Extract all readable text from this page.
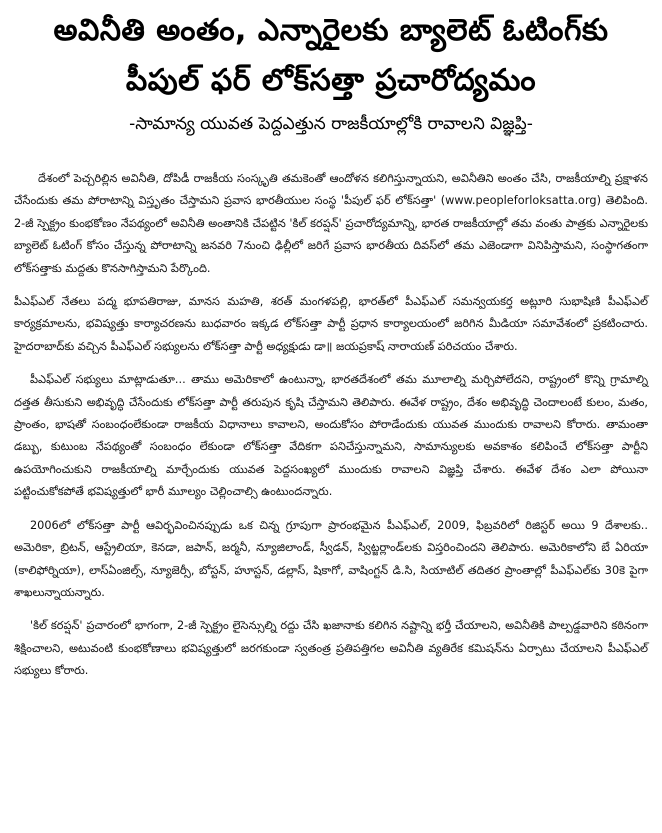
అవినీతి అంతం, ఎన్నారైలకు బ్యాలెట్ ఓటింగ్‌కు
పీపుల్ ఫర్ లోక్‌సత్తా ప్రచారోద్యమం
-సామాన్య యువత పెద్దఎత్తున రాజకీయాల్లోకి రావాలని విజ్ఞప్తి-

దేశంలో పెచ్చరిల్లిన అవినీతి, దోపిడీ రాజకీయ సంస్కృతి తమకెంతో ఆందోళన కలిగిస్తున్నాయని, అవినీతిని అంతం చేసి, రాజకీయాల్ని ప్రక్షాళన చేసేందుకు తమ పోరాటాన్ని విస్తృతం చేస్తామని ప్రవాస భారతీయుల సంస్థ 'పీపుల్ ఫర్ లోక్‌సత్తా' (www.peopleforloksatta.org) తెలిపింది. 2-జీ స్పెక్ట్రం కుంభకోణం నేపథ్యంలో అవినీతి అంతానికి చేపట్టిన 'కిల్ కరప్షన్' ప్రచారోద్యమాన్ని, భారత రాజకీయాల్లో తమ వంతు పాత్రకు ఎన్నారైలకు బ్యాలెట్ ఓటింగ్ కోసం చేస్తున్న పోరాటాన్ని జనవరి 7నుంచి ఢిల్లీలో జరిగే ప్రవాస భారతీయ దివస్‌లో తమ ఎజెండాగా వినిపిస్తామని, సంస్థాగతంగా లోక్‌సత్తాకు మద్దతు కొనసాగిస్తామని పేర్కొంది.

పీఎఫ్ఎల్ నేతలు పద్మ భూపతిరాజు, మానస మహతి, శరత్ మంగళపల్లి, భారత్‌లో పీఎఫ్ఎల్ సమన్వయకర్త అట్లూరి సుభాషిణి పీఎఫ్ఎల్ కార్యక్రమాలను, భవిష్యత్తు కార్యాచరణను బుధవారం ఇక్కడ లోక్‌సత్తా పార్టీ ప్రధాన కార్యాలయంలో జరిగిన మీడియా సమావేశంలో ప్రకటించారు. హైదరాబాద్‌కు వచ్చిన పీఎఫ్ఎల్ సభ్యులను లోక్‌సత్తా పార్టీ అధ్యక్షుడు డా॥ జయప్రకాష్ నారాయణ్ పరిచయం చేశారు.

పీఎఫ్ఎల్ సభ్యులు మాట్లాడుతూ... తాము అమెరికాలో ఉంటున్నా, భారతదేశంలో తమ మూలాల్ని మర్చిపోలేదని, రాష్ట్రంలో కొన్ని గ్రామాల్ని దత్తత తీసుకుని అభివృద్ధి చేసేందుకు లోక్‌సత్తా పార్టీ తరుపున కృషి చేస్తామని తెలిపారు. ఈవేళ రాష్ట్రం, దేశం అభివృద్ధి చెందాలంటే కులం, మతం, ప్రాంతం, భాషతో సంబంధంలేకుండా రాజకీయ విధానాలు కావాలని, అందుకోసం పోరాడేందుకు యువత ముందుకు రావాలని కోరారు. తామంతా డబ్బు, కుటుంబ నేపథ్యంతో సంబంధం లేకుండా లోక్‌సత్తా వేదికగా పనిచేస్తున్నామని, సామాన్యులకు అవకాశం కలిపించే లోక్‌సత్తా పార్టీని ఉపయోగించుకుని రాజకీయాల్ని మార్చేందుకు యువత పెద్దసంఖ్యలో ముందుకు రావాలని విజ్ఞప్తి చేశారు. ఈవేళ దేశం ఎలా పోయినా పట్టించుకోకపోతే భవిష్యత్తులో భారీ మూల్యం చెల్లించాల్సి ఉంటుందన్నారు.

2006లో లోక్‌సత్తా పార్టీ ఆవిర్భవించినప్పుడు ఒక చిన్న గ్రూపుగా ప్రారంభమైన పీఎఫ్ఎల్, 2009, ఫిబ్రవరిలో రిజిస్టర్ అయి 9 దేశాలకు.. అమెరికా, బ్రిటన్, ఆస్ట్రేలియా, కెనడా, జపాన్, జర్మనీ, న్యూజిలాండ్, స్వీడన్, స్విట్జర్లాండ్‌లకు విస్తరించిందని తెలిపారు. అమెరికాలోని బే ఏరియా (కాలిఫోర్నియా), లాస్‌ఏంజిల్స్, న్యూజెర్సీ, బోస్టన్, హూస్టన్, డల్లాస్, షికాగో, వాషింగ్టన్ డి.సి, సియాటిల్ తదితర ప్రాంతాల్లో పీఎఫ్ఎల్‌కు 30కె పైగా శాఖలున్నాయన్నారు.

'కిల్ కరప్షన్' ప్రచారంలో భాగంగా, 2-జీ స్పెక్ట్రం లైసెన్సుల్ని రద్దు చేసి ఖజానాకు కలిగిన నష్టాన్ని భర్తీ చేయాలని, అవినీతికి పాల్పడ్డవారిని కఠినంగా శిక్షించాలని, అటువంటి కుంభకోణాలు భవిష్యత్తులో జరగకుండా స్వతంత్ర ప్రతిపత్తిగల అవినీతి వ్యతిరేక కమిషన్‌ను ఏర్పాటు చేయాలని పీఎఫ్ఎల్ సభ్యులు కోరారు.
